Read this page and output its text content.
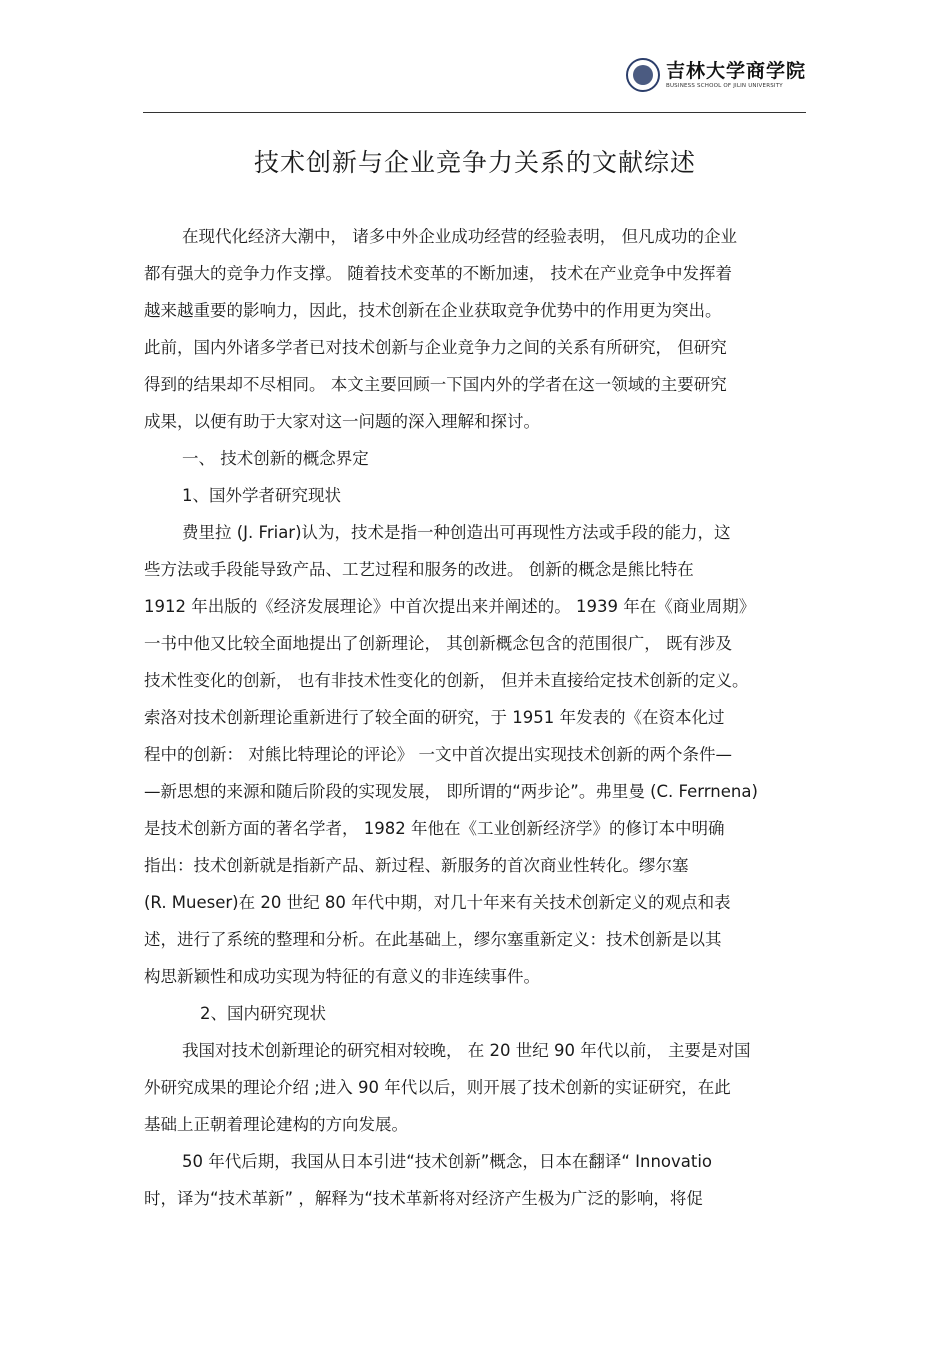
吉林大学商学院
BUSINESS SCHOOL OF JILIN UNIVERSITY
技术创新与企业竞争力关系的文献综述
在现代化经济大潮中， 诸多中外企业成功经营的经验表明， 但凡成功的企业
都有强大的竞争力作支撑。 随着技术变革的不断加速， 技术在产业竞争中发挥着
越来越重要的影响力，因此，技术创新在企业获取竞争优势中的作用更为突出。
此前，国内外诸多学者已对技术创新与企业竞争力之间的关系有所研究， 但研究
得到的结果却不尽相同。 本文主要回顾一下国内外的学者在这一领域的主要研究
成果，以便有助于大家对这一问题的深入理解和探讨。
一、 技术创新的概念界定
1、国外学者研究现状
费里拉 (J. Friar)认为，技术是指一种创造出可再现性方法或手段的能力，这
些方法或手段能导致产品、工艺过程和服务的改进。 创新的概念是熊比特在
1912 年出版的《经济发展理论》中首次提出来并阐述的。 1939 年在《商业周期》
一书中他又比较全面地提出了创新理论， 其创新概念包含的范围很广， 既有涉及
技术性变化的创新， 也有非技术性变化的创新， 但并未直接给定技术创新的定义。
索洛对技术创新理论重新进行了较全面的研究，于 1951 年发表的《在资本化过
程中的创新： 对熊比特理论的评论》 一文中首次提出实现技术创新的两个条件—
—新思想的来源和随后阶段的实现发展， 即所谓的“两步论”。弗里曼 (C. Ferrnena)
是技术创新方面的著名学者， 1982 年他在《工业创新经济学》的修订本中明确
指出：技术创新就是指新产品、新过程、新服务的首次商业性转化。缪尔塞
(R. Mueser)在 20 世纪 80 年代中期，对几十年来有关技术创新定义的观点和表
述，进行了系统的整理和分析。在此基础上，缪尔塞重新定义：技术创新是以其
构思新颖性和成功实现为特征的有意义的非连续事件。
2、国内研究现状
我国对技术创新理论的研究相对较晚， 在 20 世纪 90 年代以前， 主要是对国
外研究成果的理论介绍 ;进入 90 年代以后，则开展了技术创新的实证研究，在此
基础上正朝着理论建构的方向发展。
50 年代后期，我国从日本引进“技术创新”概念，日本在翻译“ Innovatio
时，译为“技术革新” ，解释为“技术革新将对经济产生极为广泛的影响，将促
